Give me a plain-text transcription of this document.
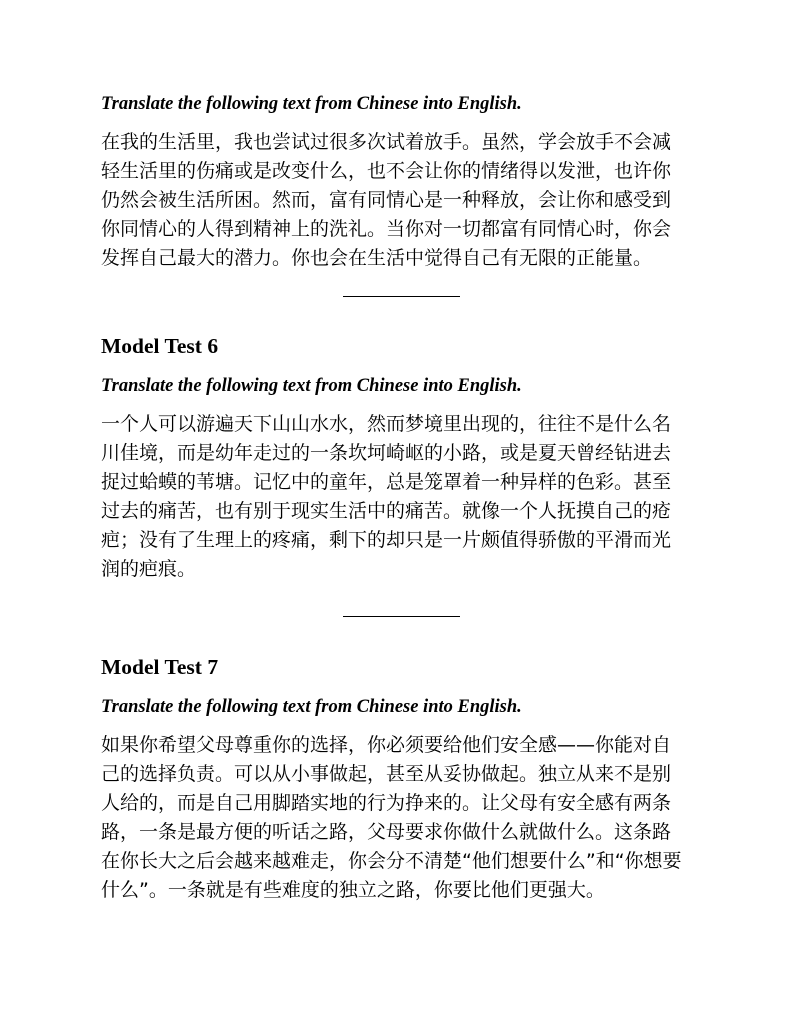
Translate the following text from Chinese into English.

在我的生活里，我也尝试过很多次试着放手。虽然，学会放手不会减
轻生活里的伤痛或是改变什么，也不会让你的情绪得以发泄，也许你
仍然会被生活所困。然而，富有同情心是一种释放，会让你和感受到
你同情心的人得到精神上的洗礼。当你对一切都富有同情心时，你会
发挥自己最大的潜力。你也会在生活中觉得自己有无限的正能量。
Model Test 6

Translate the following text from Chinese into English.

一个人可以游遍天下山山水水，然而梦境里出现的，往往不是什么名
川佳境，而是幼年走过的一条坎坷崎岖的小路，或是夏天曾经钻进去
捉过蛤蟆的苇塘。记忆中的童年，总是笼罩着一种异样的色彩。甚至
过去的痛苦，也有别于现实生活中的痛苦。就像一个人抚摸自己的疮
疤；没有了生理上的疼痛，剩下的却只是一片颇值得骄傲的平滑而光
润的疤痕。
Model Test 7

Translate the following text from Chinese into English.

如果你希望父母尊重你的选择，你必须要给他们安全感——你能对自
己的选择负责。可以从小事做起，甚至从妥协做起。独立从来不是别
人给的，而是自己用脚踏实地的行为挣来的。让父母有安全感有两条
路，一条是最方便的听话之路，父母要求你做什么就做什么。这条路
在你长大之后会越来越难走，你会分不清楚“他们想要什么”和“你想要
什么”。一条就是有些难度的独立之路，你要比他们更强大。
